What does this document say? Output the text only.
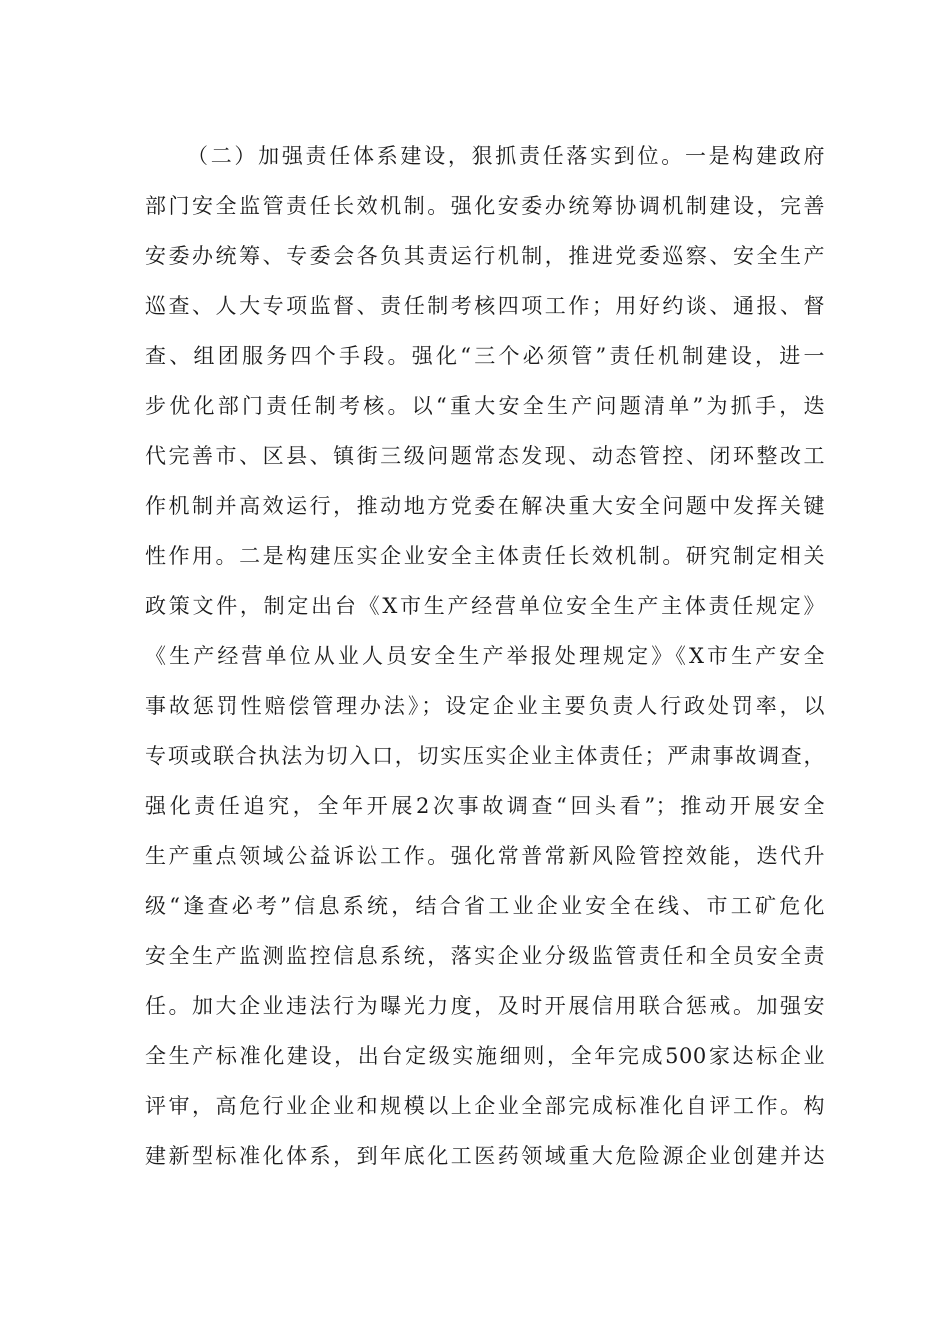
（二）加强责任体系建设，狠抓责任落实到位。一是构建政府
部门安全监管责任长效机制。强化安委办统筹协调机制建设，完善
安委办统筹、专委会各负其责运行机制，推进党委巡察、安全生产
巡查、人大专项监督、责任制考核四项工作；用好约谈、通报、督
查、组团服务四个手段。强化“三个必须管”责任机制建设，进一
步优化部门责任制考核。以“重大安全生产问题清单”为抓手，迭
代完善市、区县、镇街三级问题常态发现、动态管控、闭环整改工
作机制并高效运行，推动地方党委在解决重大安全问题中发挥关键
性作用。二是构建压实企业安全主体责任长效机制。研究制定相关
政策文件，制定出台《X市生产经营单位安全生产主体责任规定》
《生产经营单位从业人员安全生产举报处理规定》《X市生产安全
事故惩罚性赔偿管理办法》；设定企业主要负责人行政处罚率，以
专项或联合执法为切入口，切实压实企业主体责任；严肃事故调查，
强化责任追究，全年开展2次事故调查“回头看”；推动开展安全
生产重点领域公益诉讼工作。强化常普常新风险管控效能，迭代升
级“逢查必考”信息系统，结合省工业企业安全在线、市工矿危化
安全生产监测监控信息系统，落实企业分级监管责任和全员安全责
任。加大企业违法行为曝光力度，及时开展信用联合惩戒。加强安
全生产标准化建设，出台定级实施细则，全年完成500家达标企业
评审，高危行业企业和规模以上企业全部完成标准化自评工作。构
建新型标准化体系，到年底化工医药领域重大危险源企业创建并达
